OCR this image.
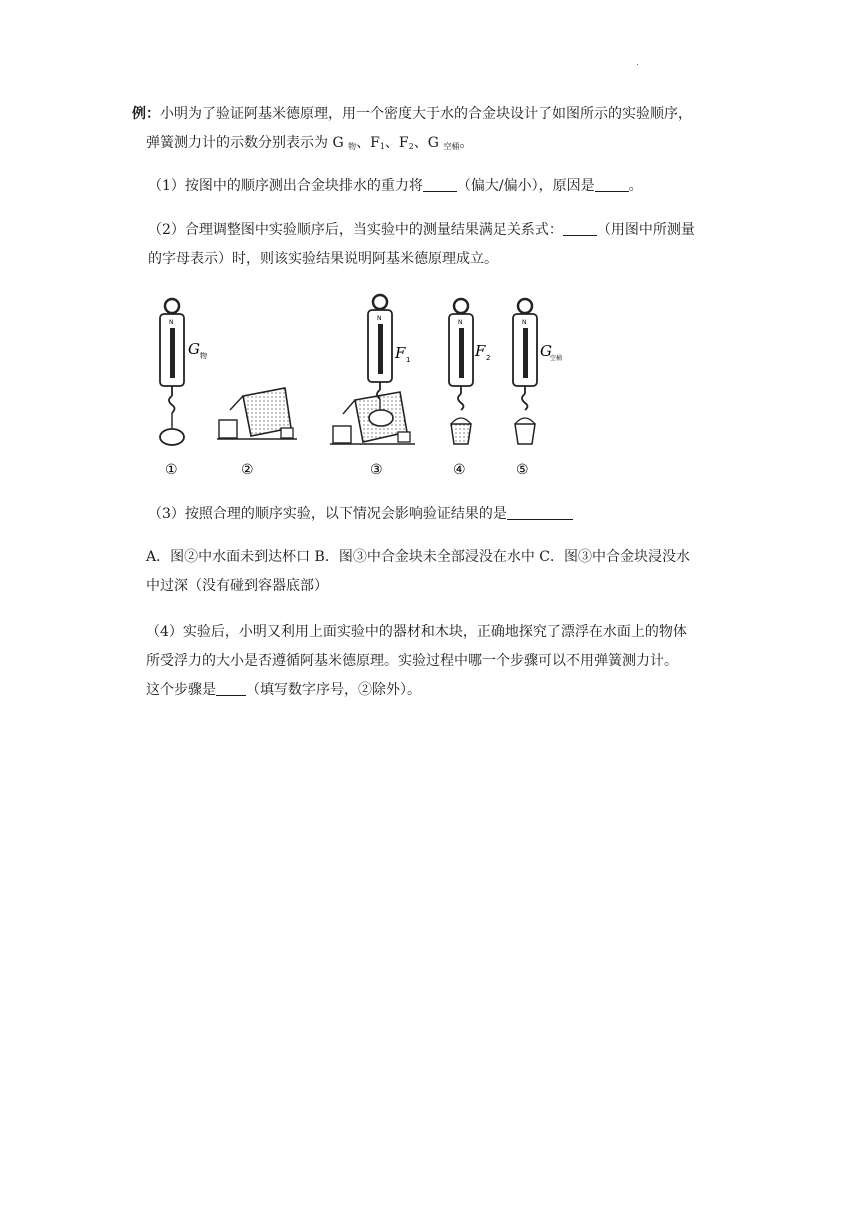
.
例：小明为了验证阿基米德原理，用一个密度大于水的合金块设计了如图所示的实验顺序，
弹簧测力计的示数分别表示为 G $_物$、$F_1$、$F_2$、G $_{空桶}$。
（1）按图中的顺序测出合金块排水的重力将 （偏大/偏小），原因是 。
（2）合理调整图中实验顺序后，当实验中的测量结果满足关系式： （用图中所测量
的字母表示）时，则该实验结果说明阿基米德原理成立。
N
G 物
N
F 1
N
F 2
N
G
空桶
①	②	③	④	⑤
（3）按照合理的顺序实验，以下情况会影响验证结果的是
A．图②中水面未到达杯口 B．图③中合金块未全部浸没在水中 C．图③中合金块浸没水
中过深（没有碰到容器底部）
（4）实验后，小明又利用上面实验中的器材和木块，正确地探究了漂浮在水面上的物体
所受浮力的大小是否遵循阿基米德原理。实验过程中哪一个步骤可以不用弹簧测力计。
这个步骤是 （填写数字序号，②除外）。
